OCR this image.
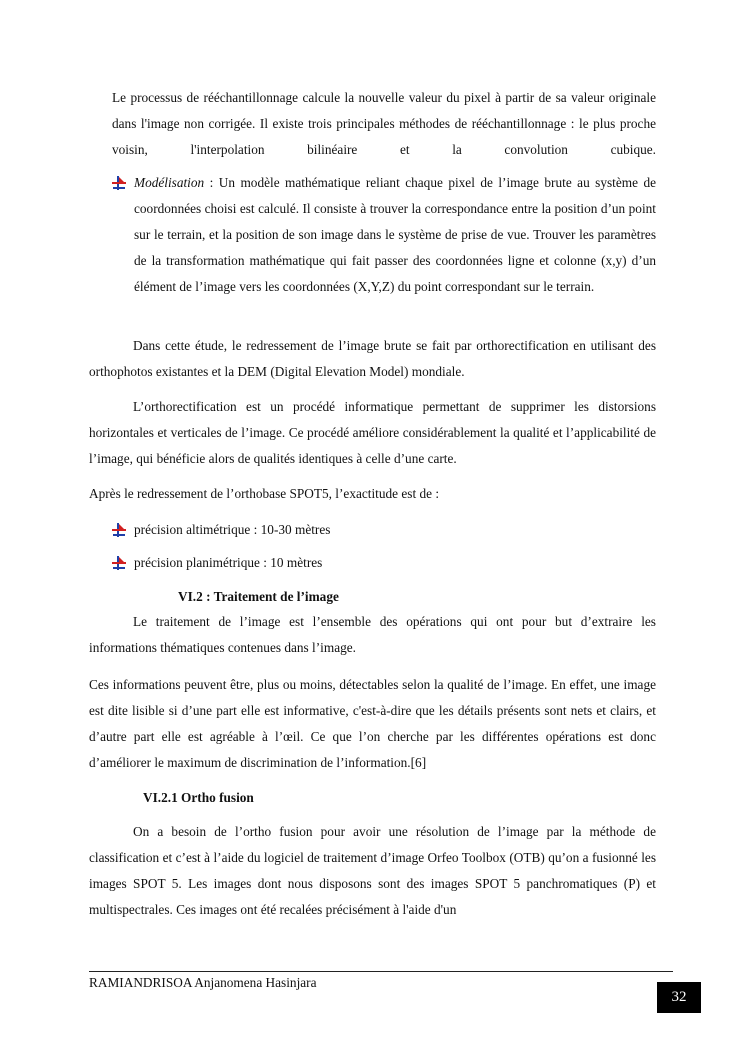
Le processus de rééchantillonnage calcule la nouvelle valeur du pixel à partir de sa valeur originale dans l'image non corrigée. Il existe trois principales méthodes de rééchantillonnage : le plus proche voisin, l'interpolation bilinéaire et la convolution cubique.

Modélisation : Un modèle mathématique reliant chaque pixel de l’image brute au système de coordonnées choisi est calculé. Il consiste à trouver la correspondance entre la position d’un point sur le terrain, et la position de son image dans le système de prise de vue. Trouver les paramètres de la transformation mathématique qui fait passer des coordonnées ligne et colonne (x,y) d’un élément de l’image vers les coordonnées (X,Y,Z) du point correspondant sur le terrain.

Dans cette étude, le redressement de l’image brute se fait par orthorectification en utilisant des orthophotos existantes et la DEM (Digital Elevation Model) mondiale.

L’orthorectification est un procédé informatique permettant de supprimer les distorsions horizontales et verticales de l’image. Ce procédé améliore considérablement la qualité et l’applicabilité de l’image, qui bénéficie alors de qualités identiques à celle d’une carte.

Après le redressement de l’orthobase SPOT5, l’exactitude est de :

précision altimétrique : 10-30 mètres
précision planimétrique : 10 mètres
VI.2 : Traitement de l’image

Le traitement de l’image est l’ensemble des opérations qui ont pour but d’extraire les informations thématiques contenues dans l’image.

Ces informations peuvent être, plus ou moins, détectables selon la qualité de l’image. En effet, une image est dite lisible si d’une part elle est informative, c'est-à-dire que les détails présents sont nets et clairs, et d’autre part elle est agréable à l’œil. Ce que l’on cherche par les différentes opérations est donc d’améliorer le maximum de discrimination de l’information.[6]

VI.2.1 Ortho fusion

On a besoin de l’ortho fusion pour avoir une résolution de l’image par la méthode de classification et c’est à l’aide du logiciel de traitement d’image Orfeo Toolbox (OTB) qu’on a fusionné les images SPOT 5. Les images dont nous disposons sont des images SPOT 5 panchromatiques (P) et multispectrales. Ces images ont été recalées précisément à l'aide d'un

RAMIANDRISOA Anjanomena Hasinjara
32
